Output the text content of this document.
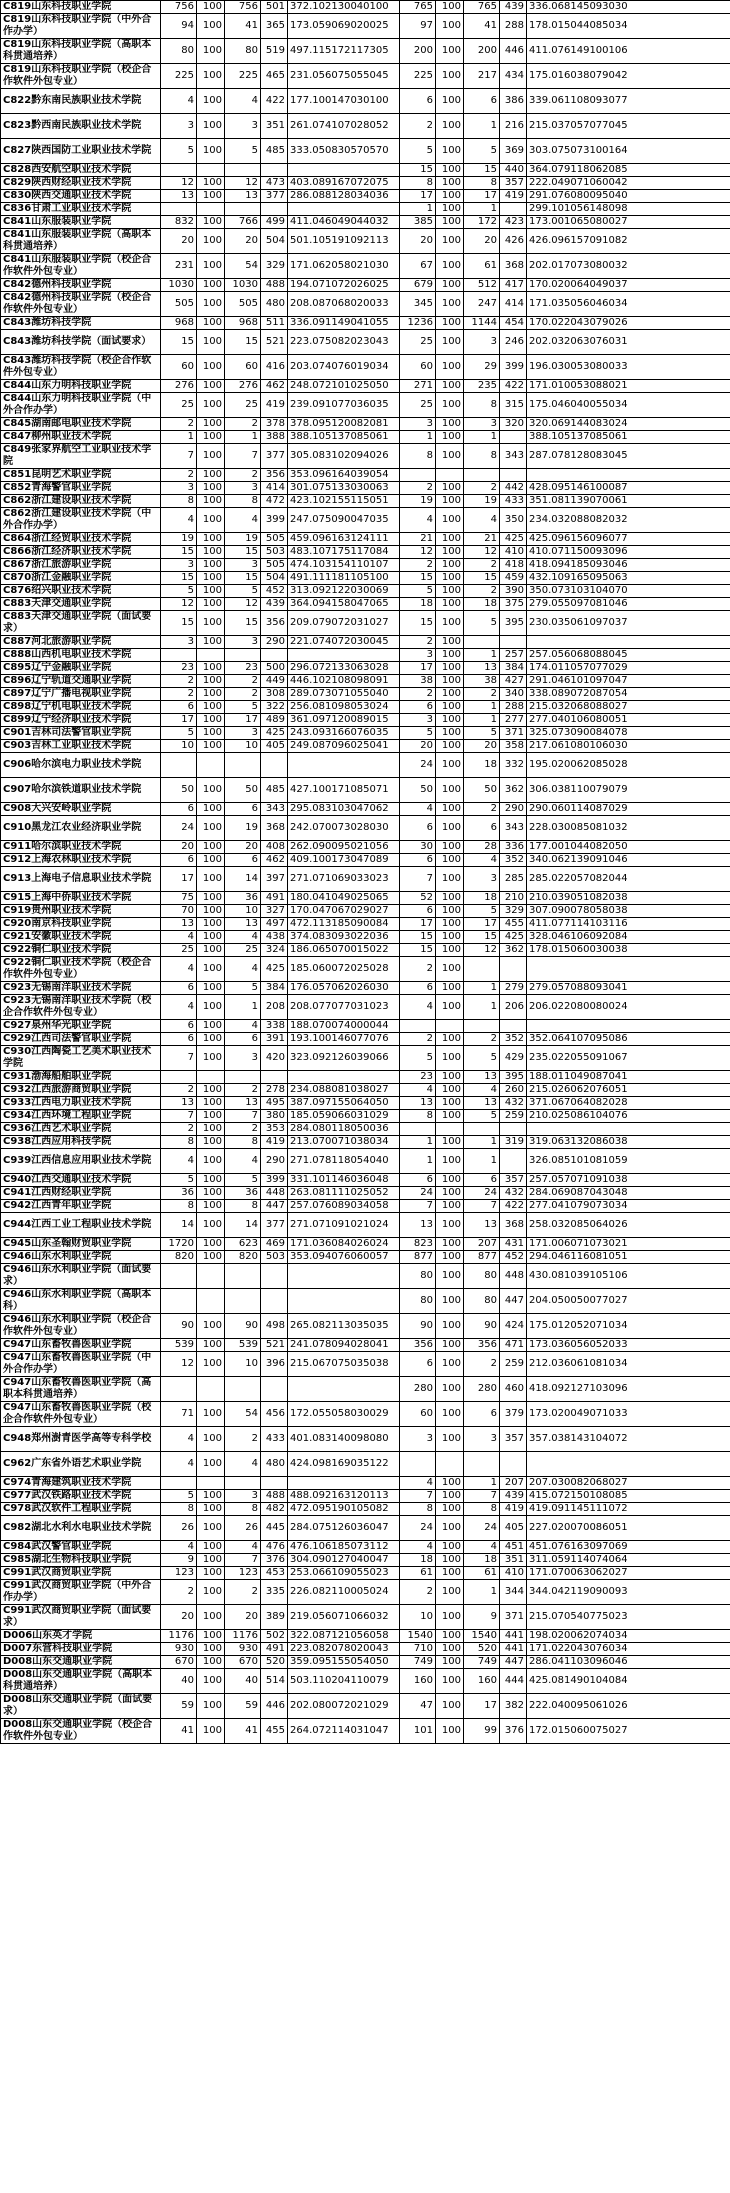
C819山东科技职业学院	756	100	756	501	372.102130040100	765	100	765	439	336.068145093030
C819山东科技职业学院（中外合作办学）	94	100	41	365	173.059069020025	97	100	41	288	178.015044085034
C819山东科技职业学院（高职本科贯通培养）	80	100	80	519	497.115172117305	200	100	200	446	411.076149100106
C819山东科技职业学院（校企合作软件外包专业）	225	100	225	465	231.056075055045	225	100	217	434	175.016038079042
C822黔东南民族职业技术学院	4	100	4	422	177.100147030100	6	100	6	386	339.061108093077
C823黔西南民族职业技术学院	3	100	3	351	261.074107028052	2	100	1	216	215.037057077045
C827陕西国防工业职业技术学院	5	100	5	485	333.050830570570	5	100	5	369	303.075073100164
C828西安航空职业技术学院						15	100	15	440	364.079118062085
C829陕西财经职业技术学院	12	100	12	473	403.089167072075	8	100	8	357	222.049071060042
C830陕西交通职业技术学院	13	100	13	377	286.088128034036	17	100	17	419	291.076080095040
C836甘肃工业职业技术学院						1	100	1		299.101056148098
C841山东服装职业学院	832	100	766	499	411.046049044032	385	100	172	423	173.001065080027
C841山东服装职业学院（高职本科贯通培养）	20	100	20	504	501.105191092113	20	100	20	426	426.096157091082
C841山东服装职业学院（校企合作软件外包专业）	231	100	54	329	171.062058021030	67	100	61	368	202.017073080032
C842德州科技职业学院	1030	100	1030	488	194.071072026025	679	100	512	417	170.020064049037
C842德州科技职业学院（校企合作软件外包专业）	505	100	505	480	208.087068020033	345	100	247	414	171.035056046034
C843潍坊科技学院	968	100	968	511	336.091149041055	1236	100	1144	454	170.022043079026
C843潍坊科技学院（面试要求）	15	100	15	521	223.075082023043	25	100	3	246	202.032063076031
C843潍坊科技学院（校企合作软件外包专业）	60	100	60	416	203.074076019034	60	100	29	399	196.030053080033
C844山东力明科技职业学院	276	100	276	462	248.072101025050	271	100	235	422	171.010053088021
C844山东力明科技职业学院（中外合作办学）	25	100	25	419	239.091077036035	25	100	8	315	175.046040055034
C845湖南邮电职业技术学院	2	100	2	378	378.095120082081	3	100	3	320	320.069144083024
C847柳州职业技术学院	1	100	1	388	388.105137085061	1	100	1		388.105137085061
C849张家界航空工业职业技术学院	7	100	7	377	305.083102094026	8	100	8	343	287.078128083045
C851昆明艺术职业学院	2	100	2	356	353.096164039054					
C852青海警官职业学院	3	100	3	414	301.075133030063	2	100	2	442	428.095146100087
C862浙江建设职业技术学院	8	100	8	472	423.102155115051	19	100	19	433	351.081139070061
C862浙江建设职业技术学院（中外合作办学）	4	100	4	399	247.075090047035	4	100	4	350	234.032088082032
C864浙江经贸职业技术学院	19	100	19	505	459.096163124111	21	100	21	425	425.096156096077
C866浙江经济职业技术学院	15	100	15	503	483.107175117084	12	100	12	410	410.071150093096
C867浙江旅游职业学院	3	100	3	505	474.103154110107	2	100	2	418	418.094185093046
C870浙江金融职业学院	15	100	15	504	491.111181105100	15	100	15	459	432.109165095063
C876绍兴职业技术学院	5	100	5	452	313.092122030069	5	100	2	390	350.073103104070
C883天津交通职业学院	12	100	12	439	364.094158047065	18	100	18	375	279.055097081046
C883天津交通职业学院（面试要求）	15	100	15	356	209.079072031027	15	100	5	395	230.035061097037
C887河北旅游职业学院	3	100	3	290	221.074072030045	2	100			
C888山西机电职业技术学院						3	100	1	257	257.056068088045
C895辽宁金融职业学院	23	100	23	500	296.072133063028	17	100	13	384	174.011057077029
C896辽宁轨道交通职业学院	2	100	2	449	446.102108098091	38	100	38	427	291.046101097047
C897辽宁广播电视职业学院	2	100	2	308	289.073071055040	2	100	2	340	338.089072087054
C898辽宁机电职业技术学院	6	100	5	322	256.081098053024	6	100	1	288	215.032068088027
C899辽宁经济职业技术学院	17	100	17	489	361.097120089015	3	100	1	277	277.040106080051
C901吉林司法警官职业学院	5	100	3	425	243.093166076035	5	100	5	371	325.073090084078
C903吉林工业职业技术学院	10	100	10	405	249.087096025041	20	100	20	358	217.061080106030
C906哈尔滨电力职业技术学院						24	100	18	332	195.020062085028
C907哈尔滨铁道职业技术学院	50	100	50	485	427.100171085071	50	100	50	362	306.038110079079
C908大兴安岭职业学院	6	100	6	343	295.083103047062	4	100	2	290	290.060114087029
C910黑龙江农业经济职业学院	24	100	19	368	242.070073028030	6	100	6	343	228.030085081032
C911哈尔滨职业技术学院	20	100	20	408	262.090095021056	30	100	28	336	177.001044082050
C912上海农林职业技术学院	6	100	6	462	409.100173047089	6	100	4	352	340.062139091046
C913上海电子信息职业技术学院	17	100	14	397	271.071069033023	7	100	3	285	285.022057082044
C915上海中侨职业技术学院	75	100	36	491	180.041049025065	52	100	18	210	210.039051082038
C919贵州职业技术学院	70	100	10	327	170.047067029027	6	100	5	329	307.090078058038
C920南京科技职业学院	13	100	13	497	472.113185090084	17	100	17	455	411.077114103116
C921安徽职业技术学院	4	100	4	438	374.083093022036	15	100	15	425	328.046106092084
C922铜仁职业技术学院	25	100	25	324	186.065070015022	15	100	12	362	178.015060030038
C922铜仁职业技术学院（校企合作软件外包专业）	4	100	4	425	185.060072025028	2	100			
C923无锡南洋职业技术学院	6	100	5	384	176.057062026030	6	100	1	279	279.057088093041
C923无锡南洋职业技术学院（校企合作软件外包专业）	4	100	1	208	208.077077031023	4	100	1	206	206.022080080024
C927泉州华光职业学院	6	100	4	338	188.070074000044					
C929江西司法警官职业学院	6	100	6	391	193.100146077076	2	100	2	352	352.064107095086
C930江西陶瓷工艺美术职业技术学院	7	100	3	420	323.092126039066	5	100	5	429	235.022055091067
C931渤海船舶职业学院						23	100	13	395	188.011049087041
C932江西旅游商贸职业学院	2	100	2	278	234.088081038027	4	100	4	260	215.026062076051
C933江西电力职业技术学院	13	100	13	495	387.097155064050	13	100	13	432	371.067064082028
C934江西环境工程职业学院	7	100	7	380	185.059066031029	8	100	5	259	210.025086104076
C936江西艺术职业学院	2	100	2	353	284.080118050036					
C938江西应用科技学院	8	100	8	419	213.070071038034	1	100	1	319	319.063132086038
C939江西信息应用职业技术学院	4	100	4	290	271.078118054040	1	100	1		326.085101081059
C940江西交通职业技术学院	5	100	5	399	331.101146036048	6	100	6	357	257.057071091038
C941江西财经职业学院	36	100	36	448	263.081111025052	24	100	24	432	284.069087043048
C942江西青年职业学院	8	100	8	447	257.076089034058	7	100	7	422	277.041079073034
C944江西工业工程职业技术学院	14	100	14	377	271.071091021024	13	100	13	368	258.032085064026
C945山东圣翰财贸职业学院	1720	100	623	469	171.036084026024	823	100	207	431	171.006071073021
C946山东水利职业学院	820	100	820	503	353.094076060057	877	100	877	452	294.046116081051
C946山东水利职业学院（面试要求）						80	100	80	448	430.081039105106
C946山东水利职业学院（高职本科）						80	100	80	447	204.050050077027
C946山东水利职业学院（校企合作软件外包专业）	90	100	90	498	265.082113035035	90	100	90	424	175.012052071034
C947山东畜牧兽医职业学院	539	100	539	521	241.078094028041	356	100	356	471	173.036056052033
C947山东畜牧兽医职业学院（中外合作办学）	12	100	10	396	215.067075035038	6	100	2	259	212.036061081034
C947山东畜牧兽医职业学院（高职本科贯通培养）						280	100	280	460	418.092127103096
C947山东畜牧兽医职业学院（校企合作软件外包专业）	71	100	54	456	172.055058030029	60	100	6	379	173.020049071033
C948郑州澍青医学高等专科学校	4	100	2	433	401.083140098080	3	100	3	357	357.038143104072
C962广东省外语艺术职业学院	4	100	4	480	424.098169035122					
C974青海建筑职业技术学院						4	100	1	207	207.030082068027
C977武汉铁路职业技术学院	5	100	3	488	488.092163120113	7	100	7	439	415.072150108085
C978武汉软件工程职业学院	8	100	8	482	472.095190105082	8	100	8	419	419.091145111072
C982湖北水利水电职业技术学院	26	100	26	445	284.075126036047	24	100	24	405	227.020070086051
C984武汉警官职业学院	4	100	4	476	476.106185073112	4	100	4	451	451.076163097069
C985湖北生物科技职业学院	9	100	7	376	304.090127040047	18	100	18	351	311.059114074064
C991武汉商贸职业学院	123	100	123	453	253.066109055023	61	100	61	410	171.070063062027
C991武汉商贸职业学院（中外合作办学）	2	100	2	335	226.082110005024	2	100	1	344	344.042119090093
C991武汉商贸职业学院（面试要求）	20	100	20	389	219.056071066032	10	100	9	371	215.070540775023
D006山东英才学院	1176	100	1176	502	322.087121056058	1540	100	1540	441	198.020062074034
D007东营科技职业学院	930	100	930	491	223.082078020043	710	100	520	441	171.022043076034
D008山东交通职业学院	670	100	670	520	359.095155054050	749	100	749	447	286.041103096046
D008山东交通职业学院（高职本科贯通培养）	40	100	40	514	503.110204110079	160	100	160	444	425.081490104084
D008山东交通职业学院（面试要求）	59	100	59	446	202.080072021029	47	100	17	382	222.040095061026
D008山东交通职业学院（校企合作软件外包专业）	41	100	41	455	264.072114031047	101	100	99	376	172.015060075027
